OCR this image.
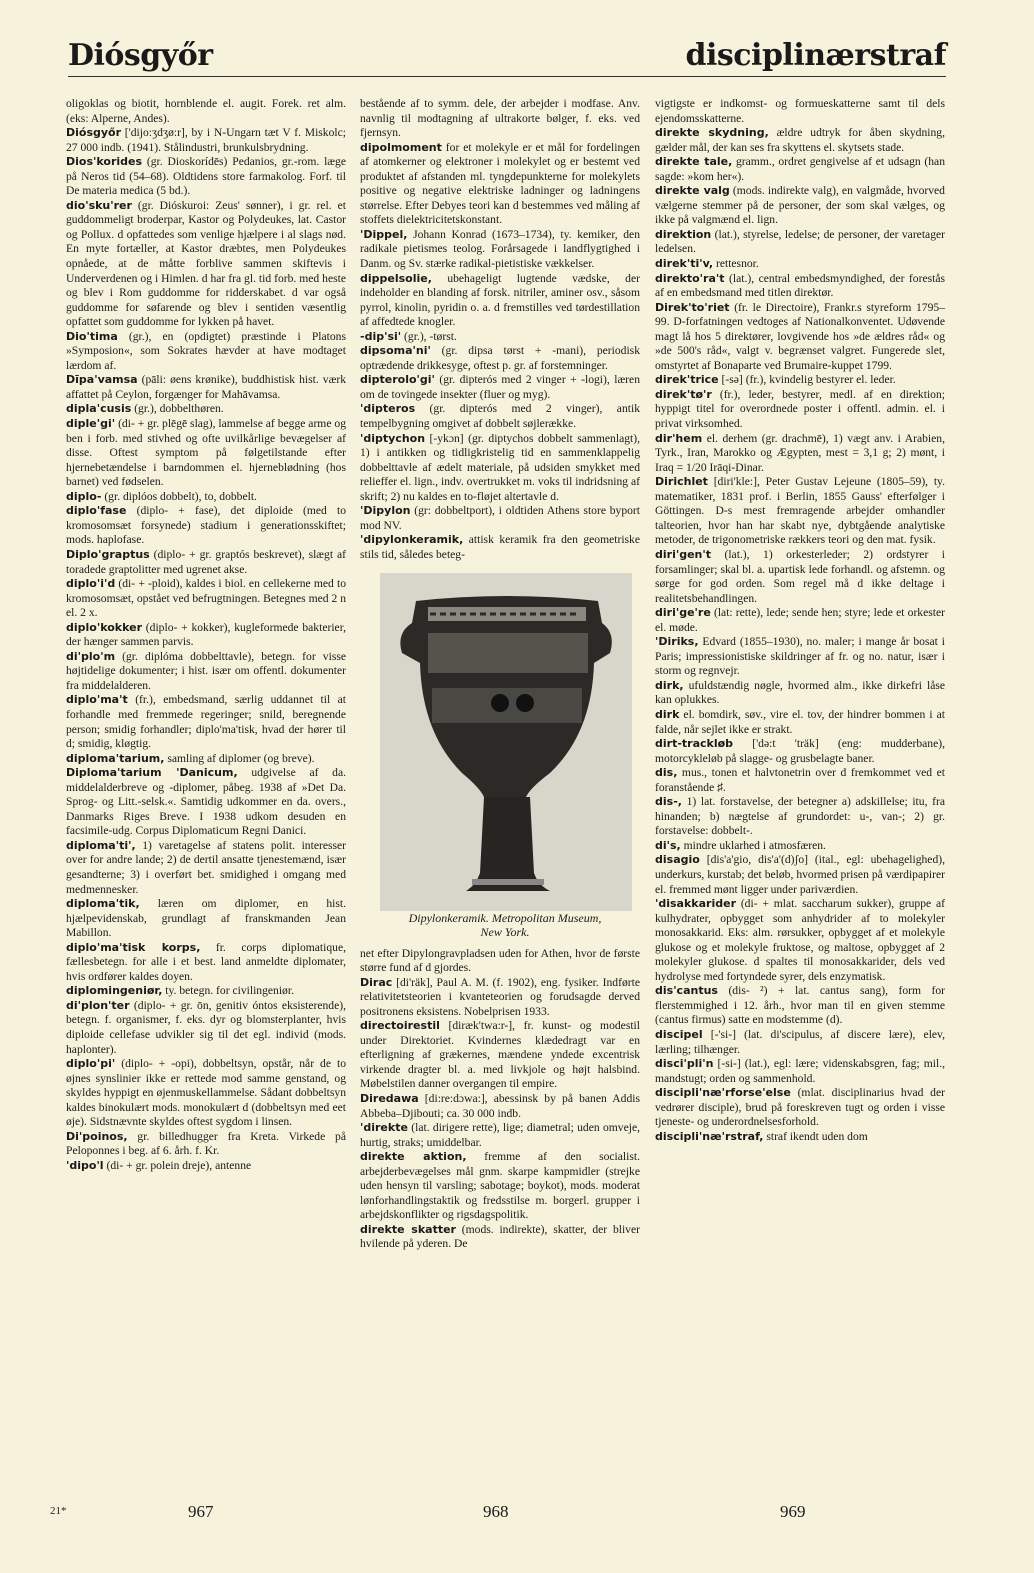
Diósgyőr	disciplinærstraf

oligoklas og biotit, hornblende el. augit. Forek. ret alm. (eks: Alperne, Andes).

Diósgyőr ['dijo:ʒdʒø:r], by i N-Ungarn tæt V f. Miskolc; 27 000 indb. (1941). Stålindustri, brunkulsbrydning.

Dios'korides (gr. Dioskorídēs) Pedanios, gr.-rom. læge på Neros tid (54–68). Oldtidens store farmakolog. Forf. til De materia medica (5 bd.).

dio'sku'rer (gr. Dióskuroi: Zeus' sønner), i gr. rel. et guddommeligt broderpar, Kastor og Polydeukes, lat. Castor og Pollux. d opfattedes som venlige hjælpere i al slags nød. En myte fortæller, at Kastor dræbtes, men Polydeukes opnåede, at de måtte forblive sammen skiftevis i Underverdenen og i Himlen. d har fra gl. tid forb. med heste og blev i Rom guddomme for ridderskabet. d var også guddomme for søfarende og blev i sentiden væsentlig opfattet som guddomme for lykken på havet.

Dio'tima (gr.), en (opdigtet) præstinde i Platons »Symposion«, som Sokrates hævder at have modtaget lærdom af.

Dīpa'vamsa (pāli: øens krønike), buddhistisk hist. værk affattet på Ceylon, forgænger for Mahāvamsa.

dipla'cusis (gr.), dobbelthøren.

diple'gi' (di- + gr. plēgē slag), lammelse af begge arme og ben i forb. med stivhed og ofte uvilkårlige bevægelser af disse. Oftest symptom på følgetilstande efter hjernebetændelse i barndommen el. hjerneblødning (hos barnet) ved fødselen.

diplo- (gr. diplóos dobbelt), to, dobbelt.

diplo'fase (diplo- + fase), det diploide (med to kromosomsæt forsynede) stadium i generationsskiftet; mods. haplofase.

Diplo'graptus (diplo- + gr. graptós beskrevet), slægt af toradede graptolitter med ugrenet akse.

diplo'i'd (di- + -ploid), kaldes i biol. en cellekerne med to kromosomsæt, opstået ved befrugtningen. Betegnes med 2 n el. 2 x.

diplo'kokker (diplo- + kokker), kugleformede bakterier, der hænger sammen parvis.

di'plo'm (gr. diplóma dobbelttavle), betegn. for visse højtidelige dokumenter; i hist. især om offentl. dokumenter fra middelalderen.

diplo'ma't (fr.), embedsmand, særlig uddannet til at forhandle med fremmede regeringer; snild, beregnende person; smidig forhandler; diplo'ma'tisk, hvad der hører til d; smidig, kløgtig.

diploma'tarium, samling af diplomer (og breve).

Diploma'tarium 'Danicum, udgivelse af da. middelalderbreve og -diplomer, påbeg. 1938 af »Det Da. Sprog- og Litt.-selsk.«. Samtidig udkommer en da. overs., Danmarks Riges Breve. I 1938 udkom desuden en facsimile-udg. Corpus Diplomaticum Regni Danici.

diploma'ti', 1) varetagelse af statens polit. interesser over for andre lande; 2) de dertil ansatte tjenestemænd, især gesandterne; 3) i overført bet. smidighed i omgang med medmennesker.

diploma'tik, læren om diplomer, en hist. hjælpevidenskab, grundlagt af franskmanden Jean Mabillon.

diplo'ma'tisk korps, fr. corps diplomatique, fællesbetegn. for alle i et best. land anmeldte diplomater, hvis ordfører kaldes doyen.

diplomingeniør, ty. betegn. for civilingeniør.

di'plon'ter (diplo- + gr. ōn, genitiv óntos eksisterende), betegn. f. organismer, f. eks. dyr og blomsterplanter, hvis diploide cellefase udvikler sig til det egl. individ (mods. haplonter).

diplo'pi' (diplo- + -opi), dobbeltsyn, opstår, når de to øjnes synslinier ikke er rettede mod samme genstand, og skyldes hyppigt en øjenmuskellammelse. Sådant dobbeltsyn kaldes binokulært mods. monokulært d (dobbeltsyn med eet øje). Sidstnævnte skyldes oftest sygdom i linsen.

Di'poinos, gr. billedhugger fra Kreta. Virkede på Peloponnes i beg. af 6. årh. f. Kr.

'dipo'l (di- + gr. polein dreje), antenne

bestående af to symm. dele, der arbejder i modfase. Anv. navnlig til modtagning af ultrakorte bølger, f. eks. ved fjernsyn.

dipolmoment for et molekyle er et mål for fordelingen af atomkerner og elektroner i molekylet og er bestemt ved produktet af afstanden ml. tyngdepunkterne for molekylets positive og negative elektriske ladninger og ladningens størrelse. Efter Debyes teori kan d bestemmes ved måling af stoffets dielektricitetskonstant.

'Dippel, Johann Konrad (1673–1734), ty. kemiker, den radikale pietismes teolog. Forårsagede i landflygtighed i Danm. og Sv. stærke radikal-pietistiske vækkelser.

dippelsolie, ubehageligt lugtende vædske, der indeholder en blanding af forsk. nitriler, aminer osv., såsom pyrrol, kinolin, pyridin o. a. d fremstilles ved tørdestillation af affedtede knogler.

-dip'si' (gr.), -tørst.

dipsoma'ni' (gr. dipsa tørst + -mani), periodisk optrædende drikkesyge, oftest p. gr. af forstemninger.

dipterolo'gi' (gr. dipterós med 2 vinger + -logi), læren om de tovingede insekter (fluer og myg).

'dipteros (gr. dipterós med 2 vinger), antik tempelbygning omgivet af dobbelt søjlerække.

'diptychon [-ykɔn] (gr. diptychos dobbelt sammenlagt), 1) i antikken og tidligkristelig tid en sammenklappelig dobbelttavle af ædelt materiale, på udsiden smykket med relieffer el. lign., indv. overtrukket m. voks til indridsning af skrift; 2) nu kaldes en to-fløjet altertavle d.

'Dipylon (gr: dobbeltport), i oldtiden Athens store byport mod NV.

'dipylonkeramik, attisk keramik fra den geometriske stils tid, således beteg-

Dipylonkeramik. Metropolitan Museum,
New York.

net efter Dipylongravpladsen uden for Athen, hvor de første større fund af d gjordes.

Dirac [di'räk], Paul A. M. (f. 1902), eng. fysiker. Indførte relativitetsteorien i kvanteteorien og forudsagde derved positronens eksistens. Nobelprisen 1933.

directoirestil [diræk'twa:r-], fr. kunst- og modestil under Direktoriet. Kvindernes klædedragt var en efterligning af grækernes, mændene yndede excentrisk virkende dragter bl. a. med livkjole og højt halsbind. Møbelstilen danner overgangen til empire.

Diredawa [di:re:dɔwa:], abessinsk by på banen Addis Abbeba–Djibouti; ca. 30 000 indb.

'direkte (lat. dirigere rette), lige; diametral; uden omveje, hurtig, straks; umiddelbar.

direkte aktion, fremme af den socialist. arbejderbevægelses mål gnm. skarpe kampmidler (strejke uden hensyn til varsling; sabotage; boykot), mods. moderat lønforhandlingstaktik og fredsstilse m. borgerl. grupper i arbejdskonflikter og rigsdagspolitik.

direkte skatter (mods. indirekte), skatter, der bliver hvilende på yderen. De

vigtigste er indkomst- og formueskatterne samt til dels ejendomsskatterne.

direkte skydning, ældre udtryk for åben skydning, gælder mål, der kan ses fra skyttens el. skytsets stade.

direkte tale, gramm., ordret gengivelse af et udsagn (han sagde: »kom her«).

direkte valg (mods. indirekte valg), en valgmåde, hvorved vælgerne stemmer på de personer, der som skal vælges, og ikke på valgmænd el. lign.

direktion (lat.), styrelse, ledelse; de personer, der varetager ledelsen.

direk'ti'v, rettesnor.

direkto'ra't (lat.), central embedsmyndighed, der forestås af en embedsmand med titlen direktør.

Direk'to'riet (fr. le Directoire), Frankr.s styreform 1795–99. D-forfatningen vedtoges af Nationalkonventet. Udøvende magt lå hos 5 direktører, lovgivende hos »de ældres råd« og »de 500's råd«, valgt v. begrænset valgret. Fungerede slet, omstyrtet af Bonaparte ved Brumaire-kuppet 1799.

direk'trice [-sə] (fr.), kvindelig bestyrer el. leder.

direk'tø'r (fr.), leder, bestyrer, medl. af en direktion; hyppigt titel for overordnede poster i offentl. admin. el. i privat virksomhed.

dir'hem el. derhem (gr. drachmē), 1) vægt anv. i Arabien, Tyrk., Iran, Marokko og Ægypten, mest = 3,1 g; 2) mønt, i Iraq = 1/20 Irāqi-Dinar.

Dirichlet [diri'kle:], Peter Gustav Lejeune (1805–59), ty. matematiker, 1831 prof. i Berlin, 1855 Gauss' efterfølger i Göttingen. D-s mest fremragende arbejder omhandler talteorien, hvor han har skabt nye, dybtgående analytiske metoder, de trigonometriske rækkers teori og den mat. fysik.

diri'gen't (lat.), 1) orkesterleder; 2) ordstyrer i forsamlinger; skal bl. a. upartisk lede forhandl. og afstemn. og sørge for god orden. Som regel må d ikke deltage i realitetsbehandlingen.

diri'ge're (lat: rette), lede; sende hen; styre; lede et orkester el. møde.

'Diriks, Edvard (1855–1930), no. maler; i mange år bosat i Paris; impressionistiske skildringer af fr. og no. natur, især i storm og regnvejr.

dirk, ufuldstændig nøgle, hvormed alm., ikke dirkefri låse kan oplukkes.

dirk el. bomdirk, søv., vire el. tov, der hindrer bommen i at falde, når sejlet ikke er strakt.

dirt-trackløb ['də:t 'träk] (eng: mudderbane), motorcykleløb på slagge- og grusbelagte baner.

dis, mus., tonen et halvtonetrin over d fremkommet ved et foranstående ♯.

dis-, 1) lat. forstavelse, der betegner a) adskillelse; itu, fra hinanden; b) nægtelse af grundordet: u-, van-; 2) gr. forstavelse: dobbelt-.

di's, mindre uklarhed i atmosfæren.

disagio [dis'a'gio, dis'a'(d)ʃo] (ital., egl: ubehagelighed), underkurs, kurstab; det beløb, hvormed prisen på værdipapirer el. fremmed mønt ligger under pariværdien.

'disakkarider (di- + mlat. saccharum sukker), gruppe af kulhydrater, opbygget som anhydrider af to molekyler monosakkarid. Eks: alm. rørsukker, opbygget af et molekyle glukose og et molekyle fruktose, og maltose, opbygget af 2 molekyler glukose. d spaltes til monosakkarider, dels ved hydrolyse med fortyndede syrer, dels enzymatisk.

dis'cantus (dis- ²) + lat. cantus sang), form for flerstemmighed i 12. årh., hvor man til en given stemme (cantus firmus) satte en modstemme (d).

discipel [-'si-] (lat. di'scipulus, af discere lære), elev, lærling; tilhænger.

disci'pli'n [-si-] (lat.), egl: lære; videnskabsgren, fag; mil., mandstugt; orden og sammenhold.

discipli'næ'rforse'else (mlat. disciplinarius hvad der vedrører disciple), brud på foreskreven tugt og orden i visse tjeneste- og underordnelsesforhold.

discipli'næ'rstraf, straf ikendt uden dom

21*	967	968	969
